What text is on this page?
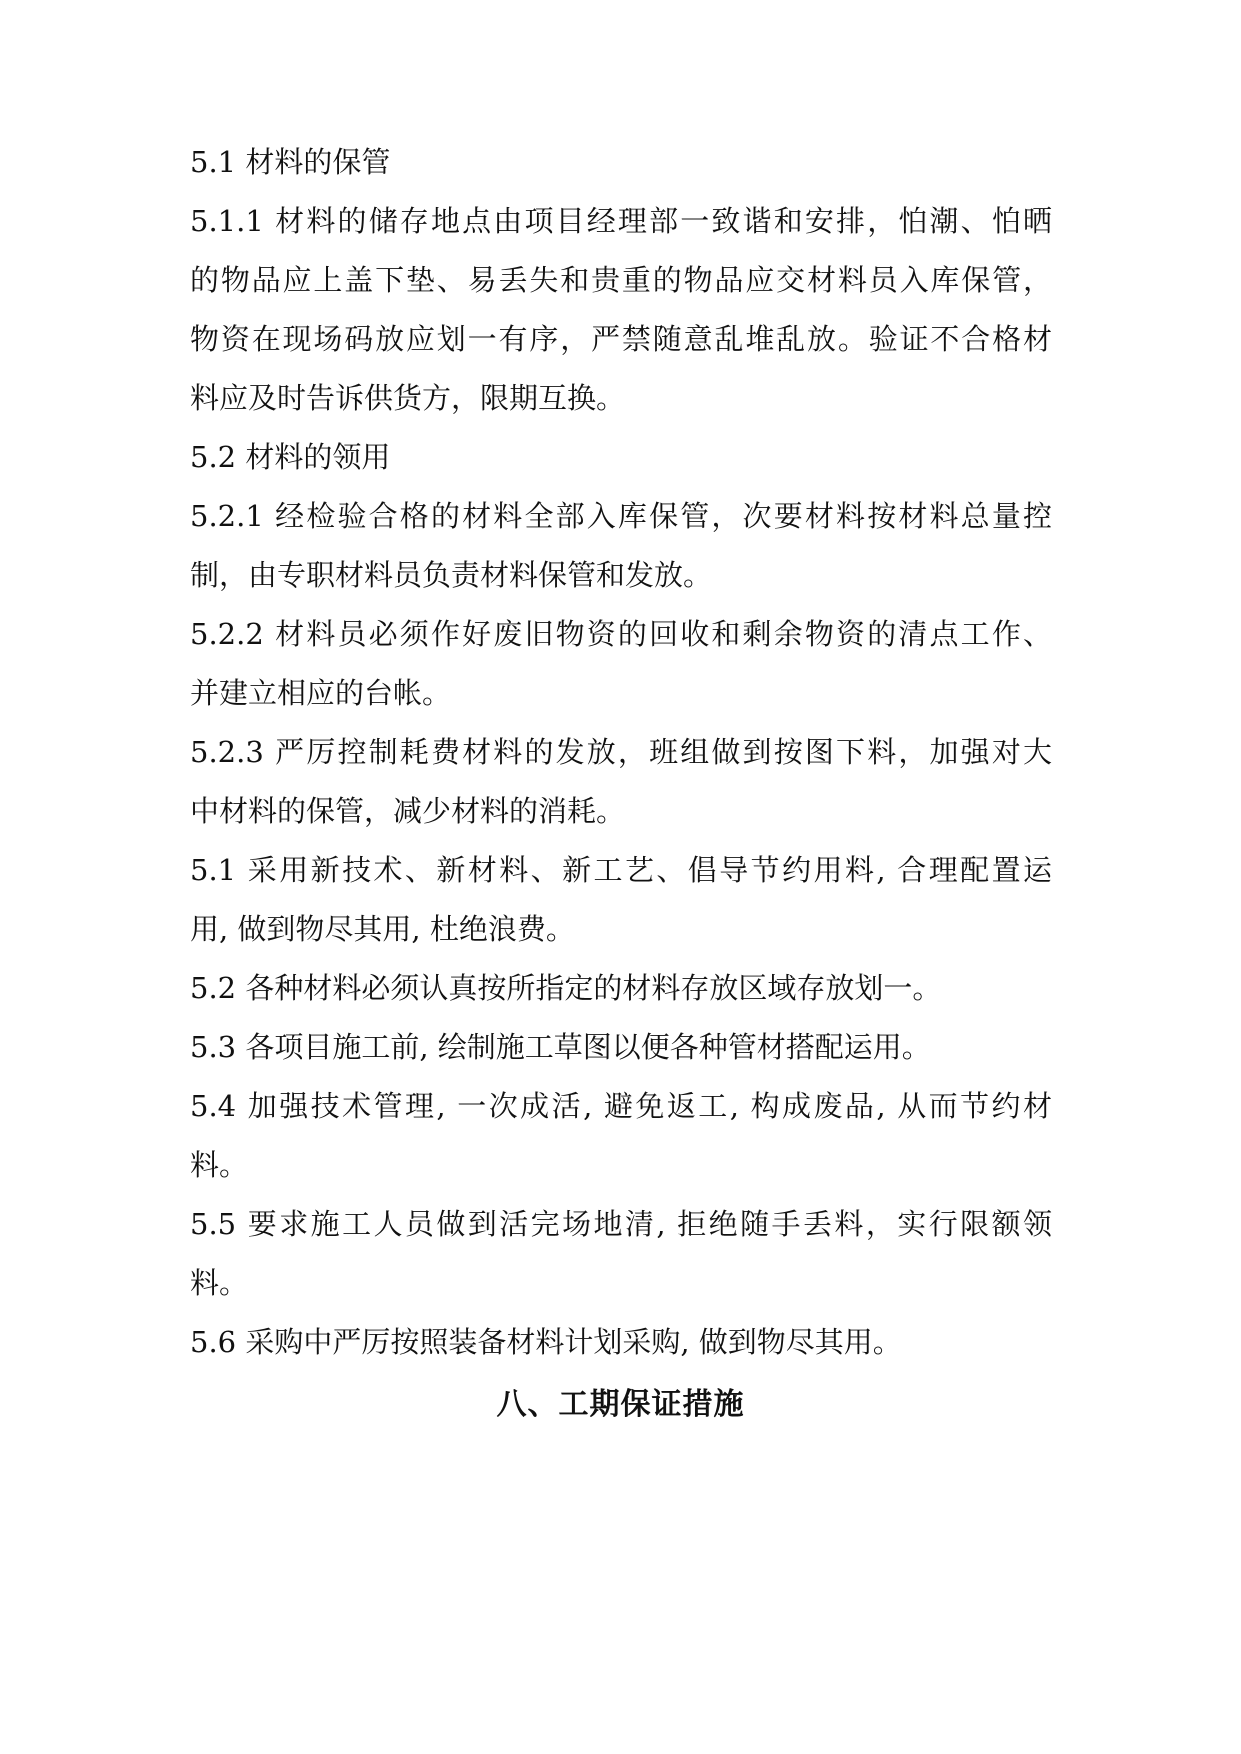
5.1 材料的保管
5.1.1 材料的储存地点由项目经理部一致谐和安排，怕潮、怕晒
的物品应上盖下垫、易丢失和贵重的物品应交材料员入库保管，
物资在现场码放应划一有序，严禁随意乱堆乱放。验证不合格材
料应及时告诉供货方，限期互换。
5.2 材料的领用
5.2.1 经检验合格的材料全部入库保管，次要材料按材料总量控
制，由专职材料员负责材料保管和发放。
5.2.2 材料员必须作好废旧物资的回收和剩余物资的清点工作、
并建立相应的台帐。
5.2.3 严厉控制耗费材料的发放，班组做到按图下料，加强对大
中材料的保管，减少材料的消耗。
5.1 采用新技术、新材料、新工艺、倡导节约用料, 合理配置运
用, 做到物尽其用, 杜绝浪费。
5.2 各种材料必须认真按所指定的材料存放区域存放划一。
5.3 各项目施工前, 绘制施工草图以便各种管材搭配运用。
5.4 加强技术管理, 一次成活, 避免返工, 构成废品, 从而节约材
料。
5.5 要求施工人员做到活完场地清, 拒绝随手丢料，实行限额领
料。
5.6 采购中严厉按照装备材料计划采购, 做到物尽其用。
八、工期保证措施
